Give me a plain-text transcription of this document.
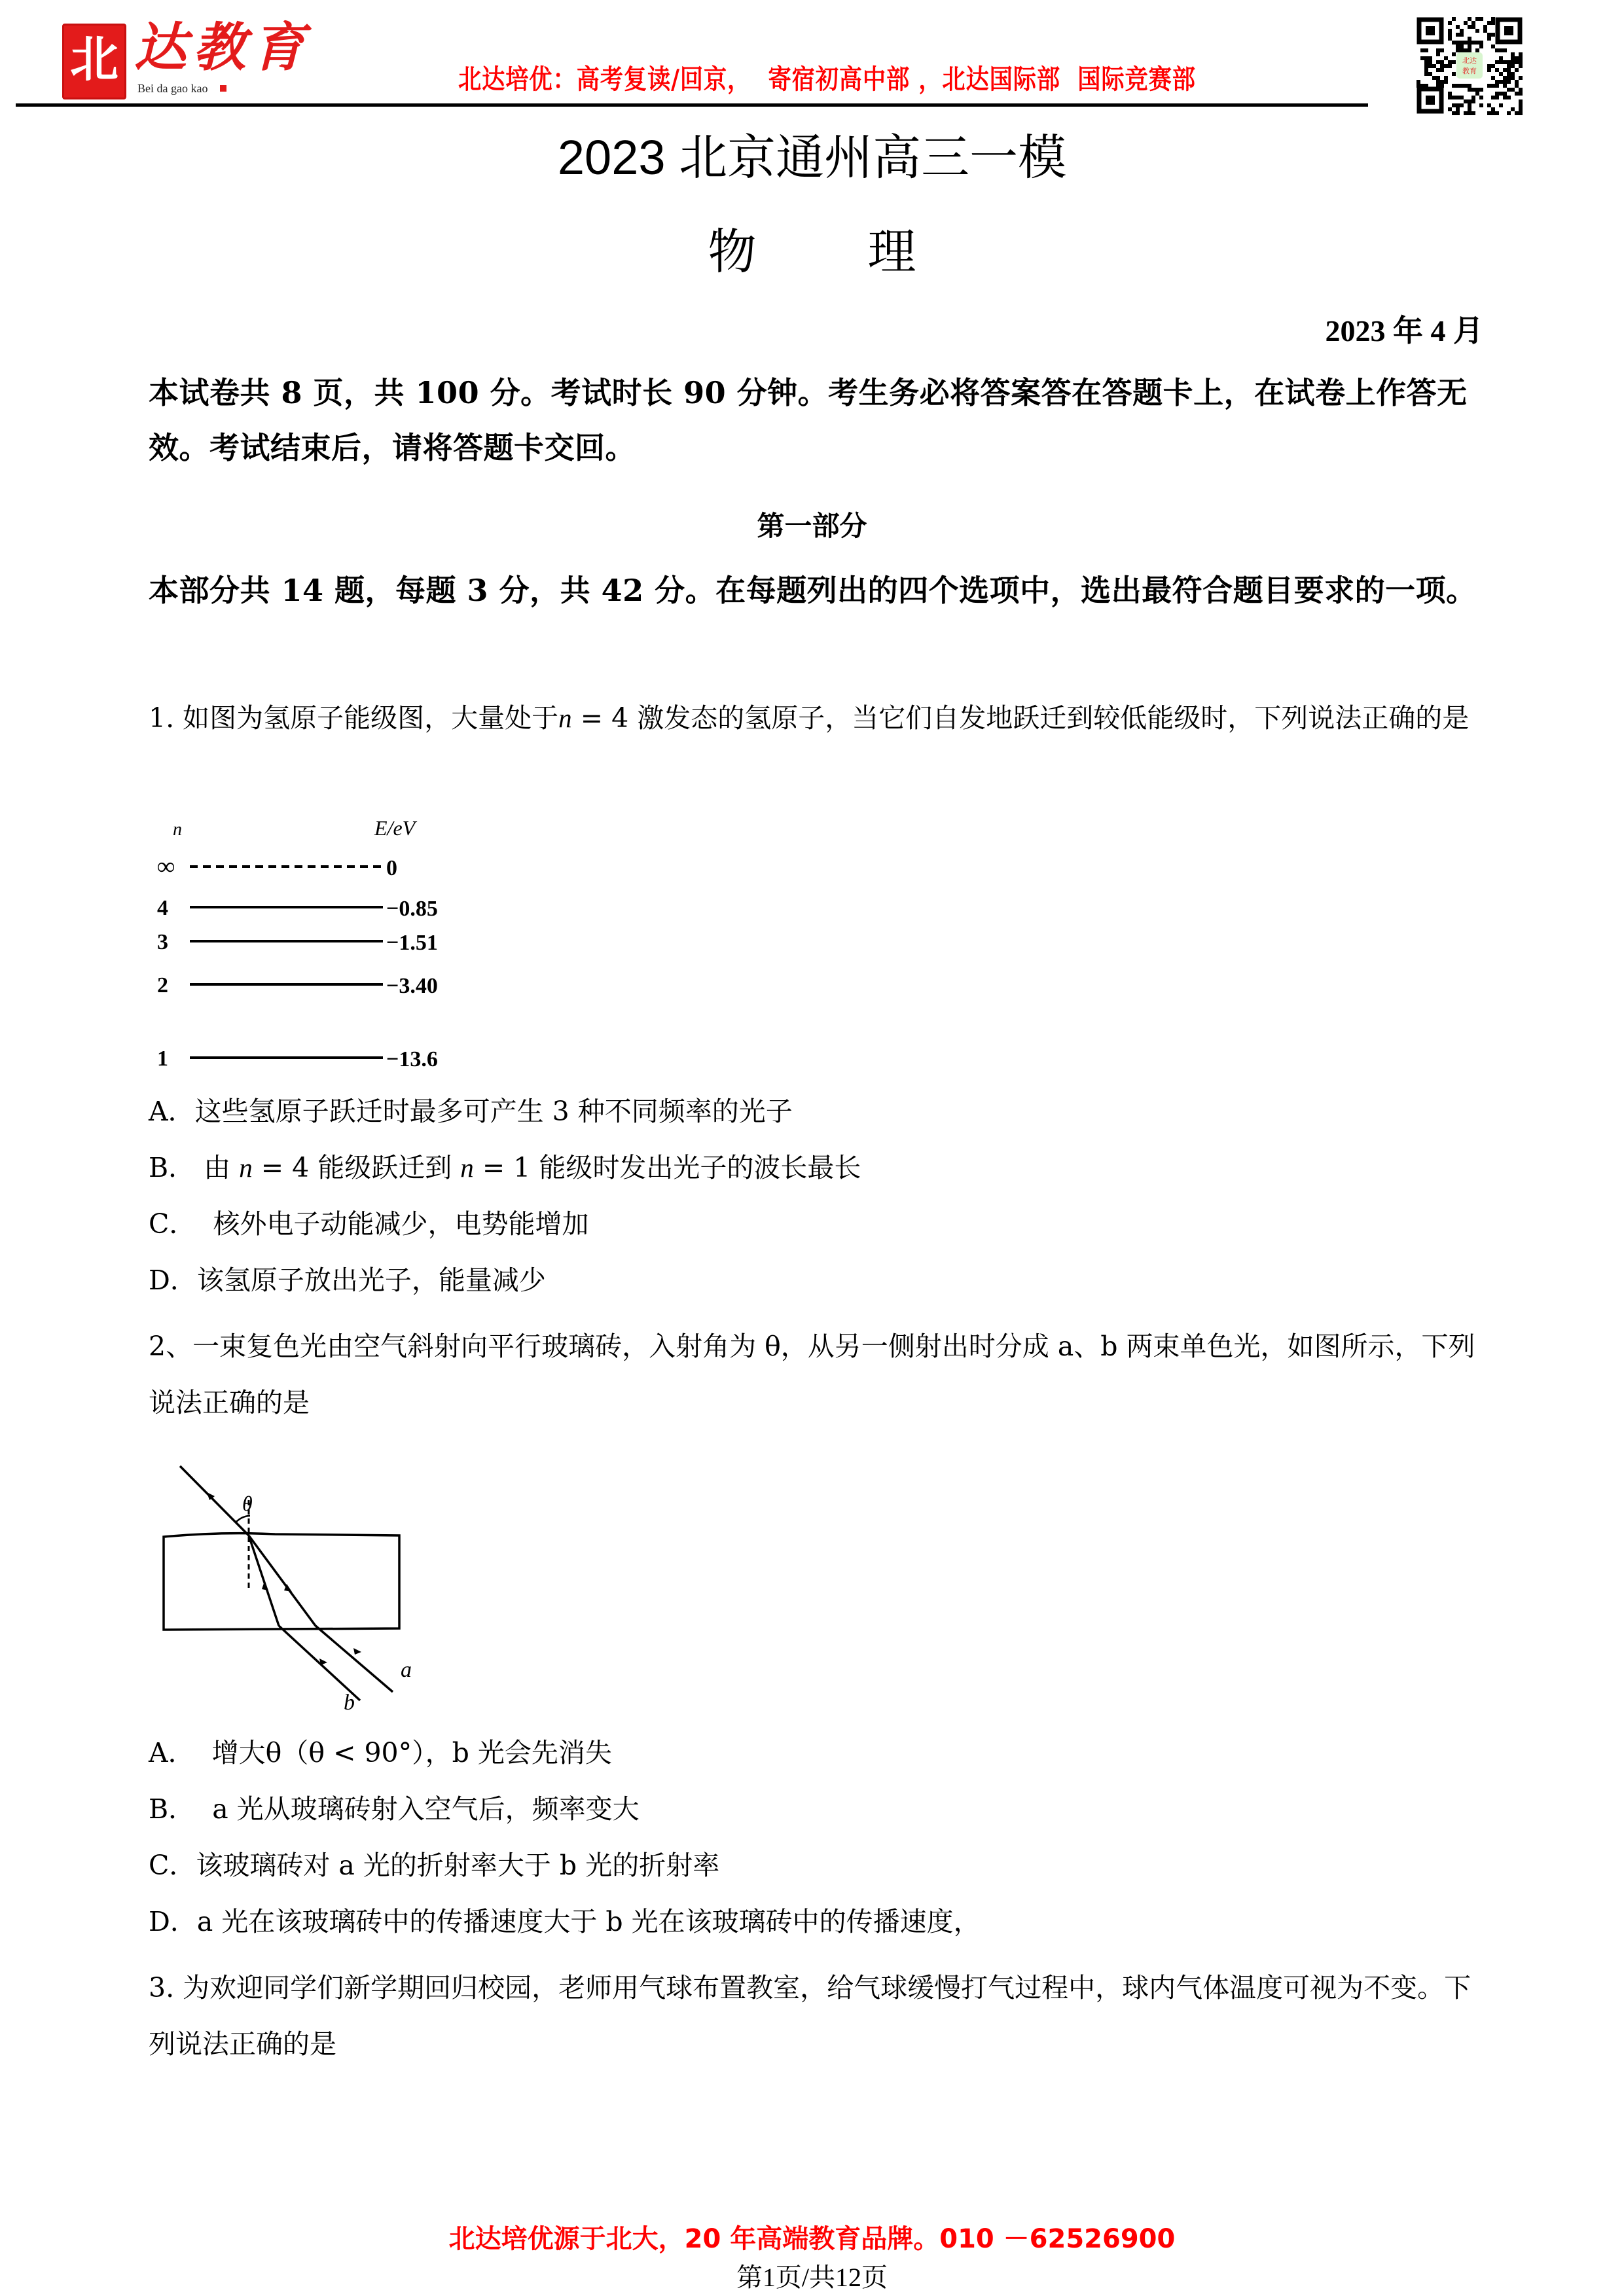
北 达教育
Bei da gao kao	北达培优：高考复读/回京，  寄宿初高中部 ，北达国际部  国际竞赛部
北达
教育
2023 北京通州高三一模
物 理
2023 年 4 月
本试卷共 8 页，共 100 分。考试时长 90 分钟。考生务必将答案答在答题卡上，在试卷上作答无效。考试结束后，请将答题卡交回。
第一部分
本部分共 14 题，每题 3 分，共 42 分。在每题列出的四个选项中，选出最符合题目要求的一项。
1. 如图为氢原子能级图，大量处于n = 4 激发态的氢原子，当它们自发地跃迁到较低能级时，下列说法正确的是
n	E/eV
∞	0
4	−0.85
3	−1.51
2	−3.40
1	−13.6
A．这些氢原子跃迁时最多可产生 3 种不同频率的光子
B． 由 n = 4 能级跃迁到 n = 1 能级时发出光子的波长最长
C．  核外电子动能减少，电势能增加
D．该氢原子放出光子，能量减少
2、一束复色光由空气斜射向平行玻璃砖，入射角为 θ，从另一侧射出时分成 a、b 两束单色光，如图所示，下列说法正确的是
θ
a
b
A．  增大θ（θ < 90°），b 光会先消失
B．  a 光从玻璃砖射入空气后，频率变大
C．该玻璃砖对 a 光的折射率大于 b 光的折射率
D．a 光在该玻璃砖中的传播速度大于 b 光在该玻璃砖中的传播速度，
3. 为欢迎同学们新学期回归校园，老师用气球布置教室，给气球缓慢打气过程中，球内气体温度可视为不变。下列说法正确的是
北达培优源于北大，20 年高端教育品牌。010 －62526900
第1页/共12页
